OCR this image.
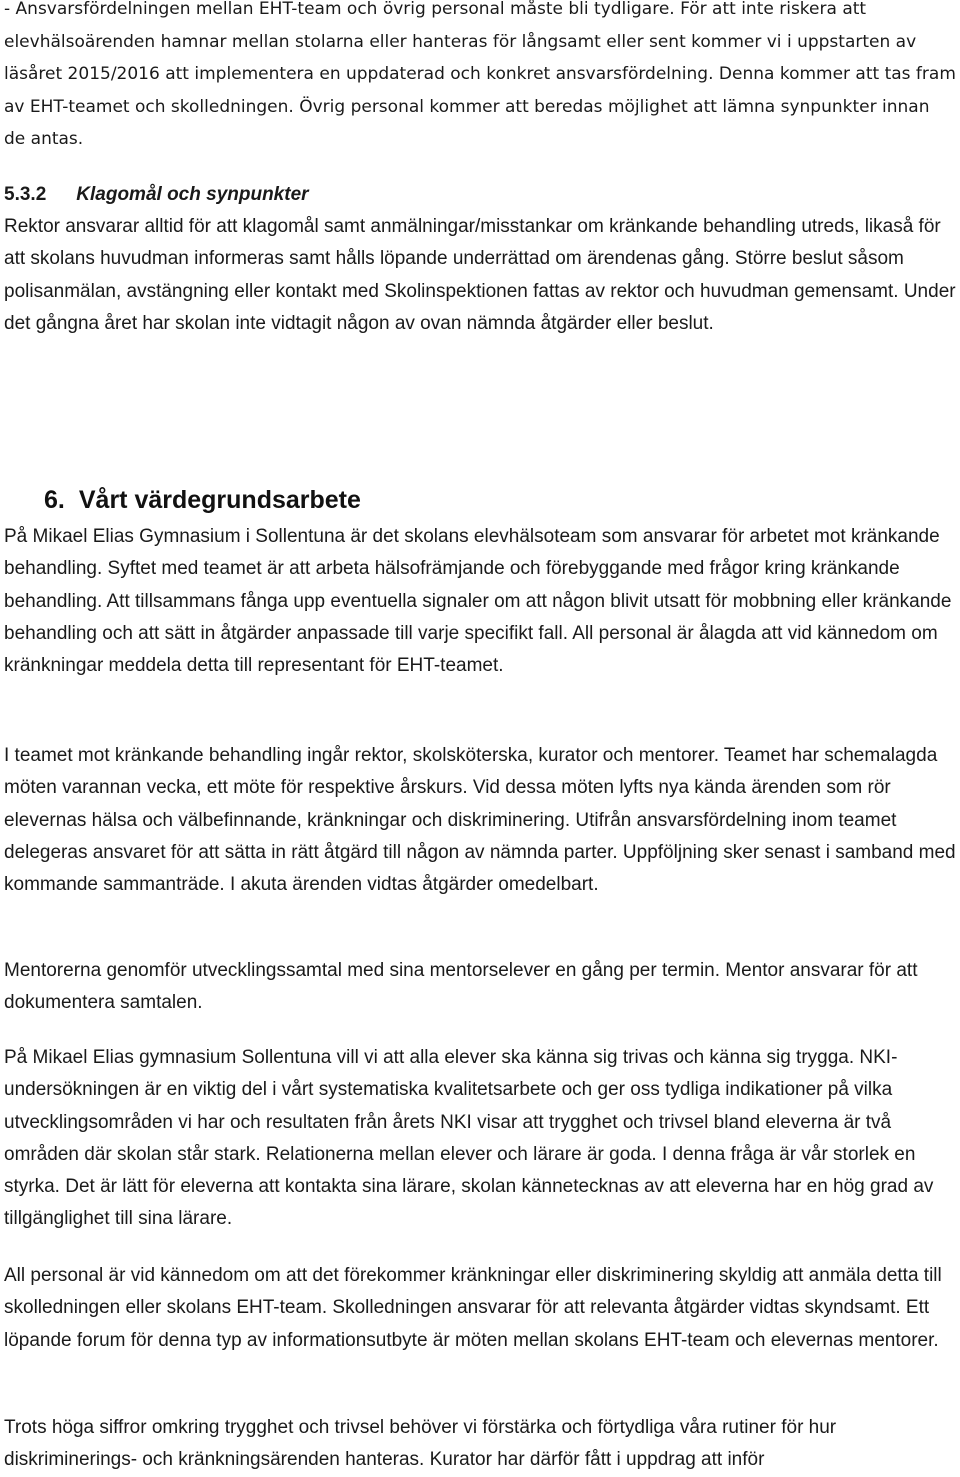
- Ansvarsfördelningen mellan EHT-team och övrig personal måste bli tydligare. För att inte riskera att elevhälsoärenden hamnar mellan stolarna eller hanteras för långsamt eller sent kommer vi i uppstarten av läsåret 2015/2016 att implementera en uppdaterad och konkret ansvarsfördelning. Denna kommer att tas fram av EHT-teamet och skolledningen. Övrig personal kommer att beredas möjlighet att lämna synpunkter innan de antas.

5.3.2 Klagomål och synpunkter

Rektor ansvarar alltid för att klagomål samt anmälningar/misstankar om kränkande behandling utreds, likaså för att skolans huvudman informeras samt hålls löpande underrättad om ärendenas gång. Större beslut såsom polisanmälan, avstängning eller kontakt med Skolinspektionen fattas av rektor och huvudman gemensamt. Under det gångna året har skolan inte vidtagit någon av ovan nämnda åtgärder eller beslut.

6. Vårt värdegrundsarbete

På Mikael Elias Gymnasium i Sollentuna är det skolans elevhälsoteam som ansvarar för arbetet mot kränkande behandling. Syftet med teamet är att arbeta hälsofrämjande och förebyggande med frågor kring kränkande behandling. Att tillsammans fånga upp eventuella signaler om att någon blivit utsatt för mobbning eller kränkande behandling och att sätt in åtgärder anpassade till varje specifikt fall. All personal är ålagda att vid kännedom om kränkningar meddela detta till representant för EHT-teamet.

I teamet mot kränkande behandling ingår rektor, skolsköterska, kurator och mentorer. Teamet har schemalagda möten varannan vecka, ett möte för respektive årskurs. Vid dessa möten lyfts nya kända ärenden som rör elevernas hälsa och välbefinnande, kränkningar och diskriminering. Utifrån ansvarsfördelning inom teamet delegeras ansvaret för att sätta in rätt åtgärd till någon av nämnda parter. Uppföljning sker senast i samband med kommande sammanträde. I akuta ärenden vidtas åtgärder omedelbart.

Mentorerna genomför utvecklingssamtal med sina mentorselever en gång per termin. Mentor ansvarar för att dokumentera samtalen.

På Mikael Elias gymnasium Sollentuna vill vi att alla elever ska känna sig trivas och känna sig trygga. NKI-undersökningen är en viktig del i vårt systematiska kvalitetsarbete och ger oss tydliga indikationer på vilka utvecklingsområden vi har och resultaten från årets NKI visar att trygghet och trivsel bland eleverna är två områden där skolan står stark. Relationerna mellan elever och lärare är goda. I denna fråga är vår storlek en styrka. Det är lätt för eleverna att kontakta sina lärare, skolan kännetecknas av att eleverna har en hög grad av tillgänglighet till sina lärare.

All personal är vid kännedom om att det förekommer kränkningar eller diskriminering skyldig att anmäla detta till skolledningen eller skolans EHT-team. Skolledningen ansvarar för att relevanta åtgärder vidtas skyndsamt. Ett löpande forum för denna typ av informationsutbyte är möten mellan skolans EHT-team och elevernas mentorer.

Trots höga siffror omkring trygghet och trivsel behöver vi förstärka och förtydliga våra rutiner för hur diskriminerings- och kränkningsärenden hanteras. Kurator har därför fått i uppdrag att inför
